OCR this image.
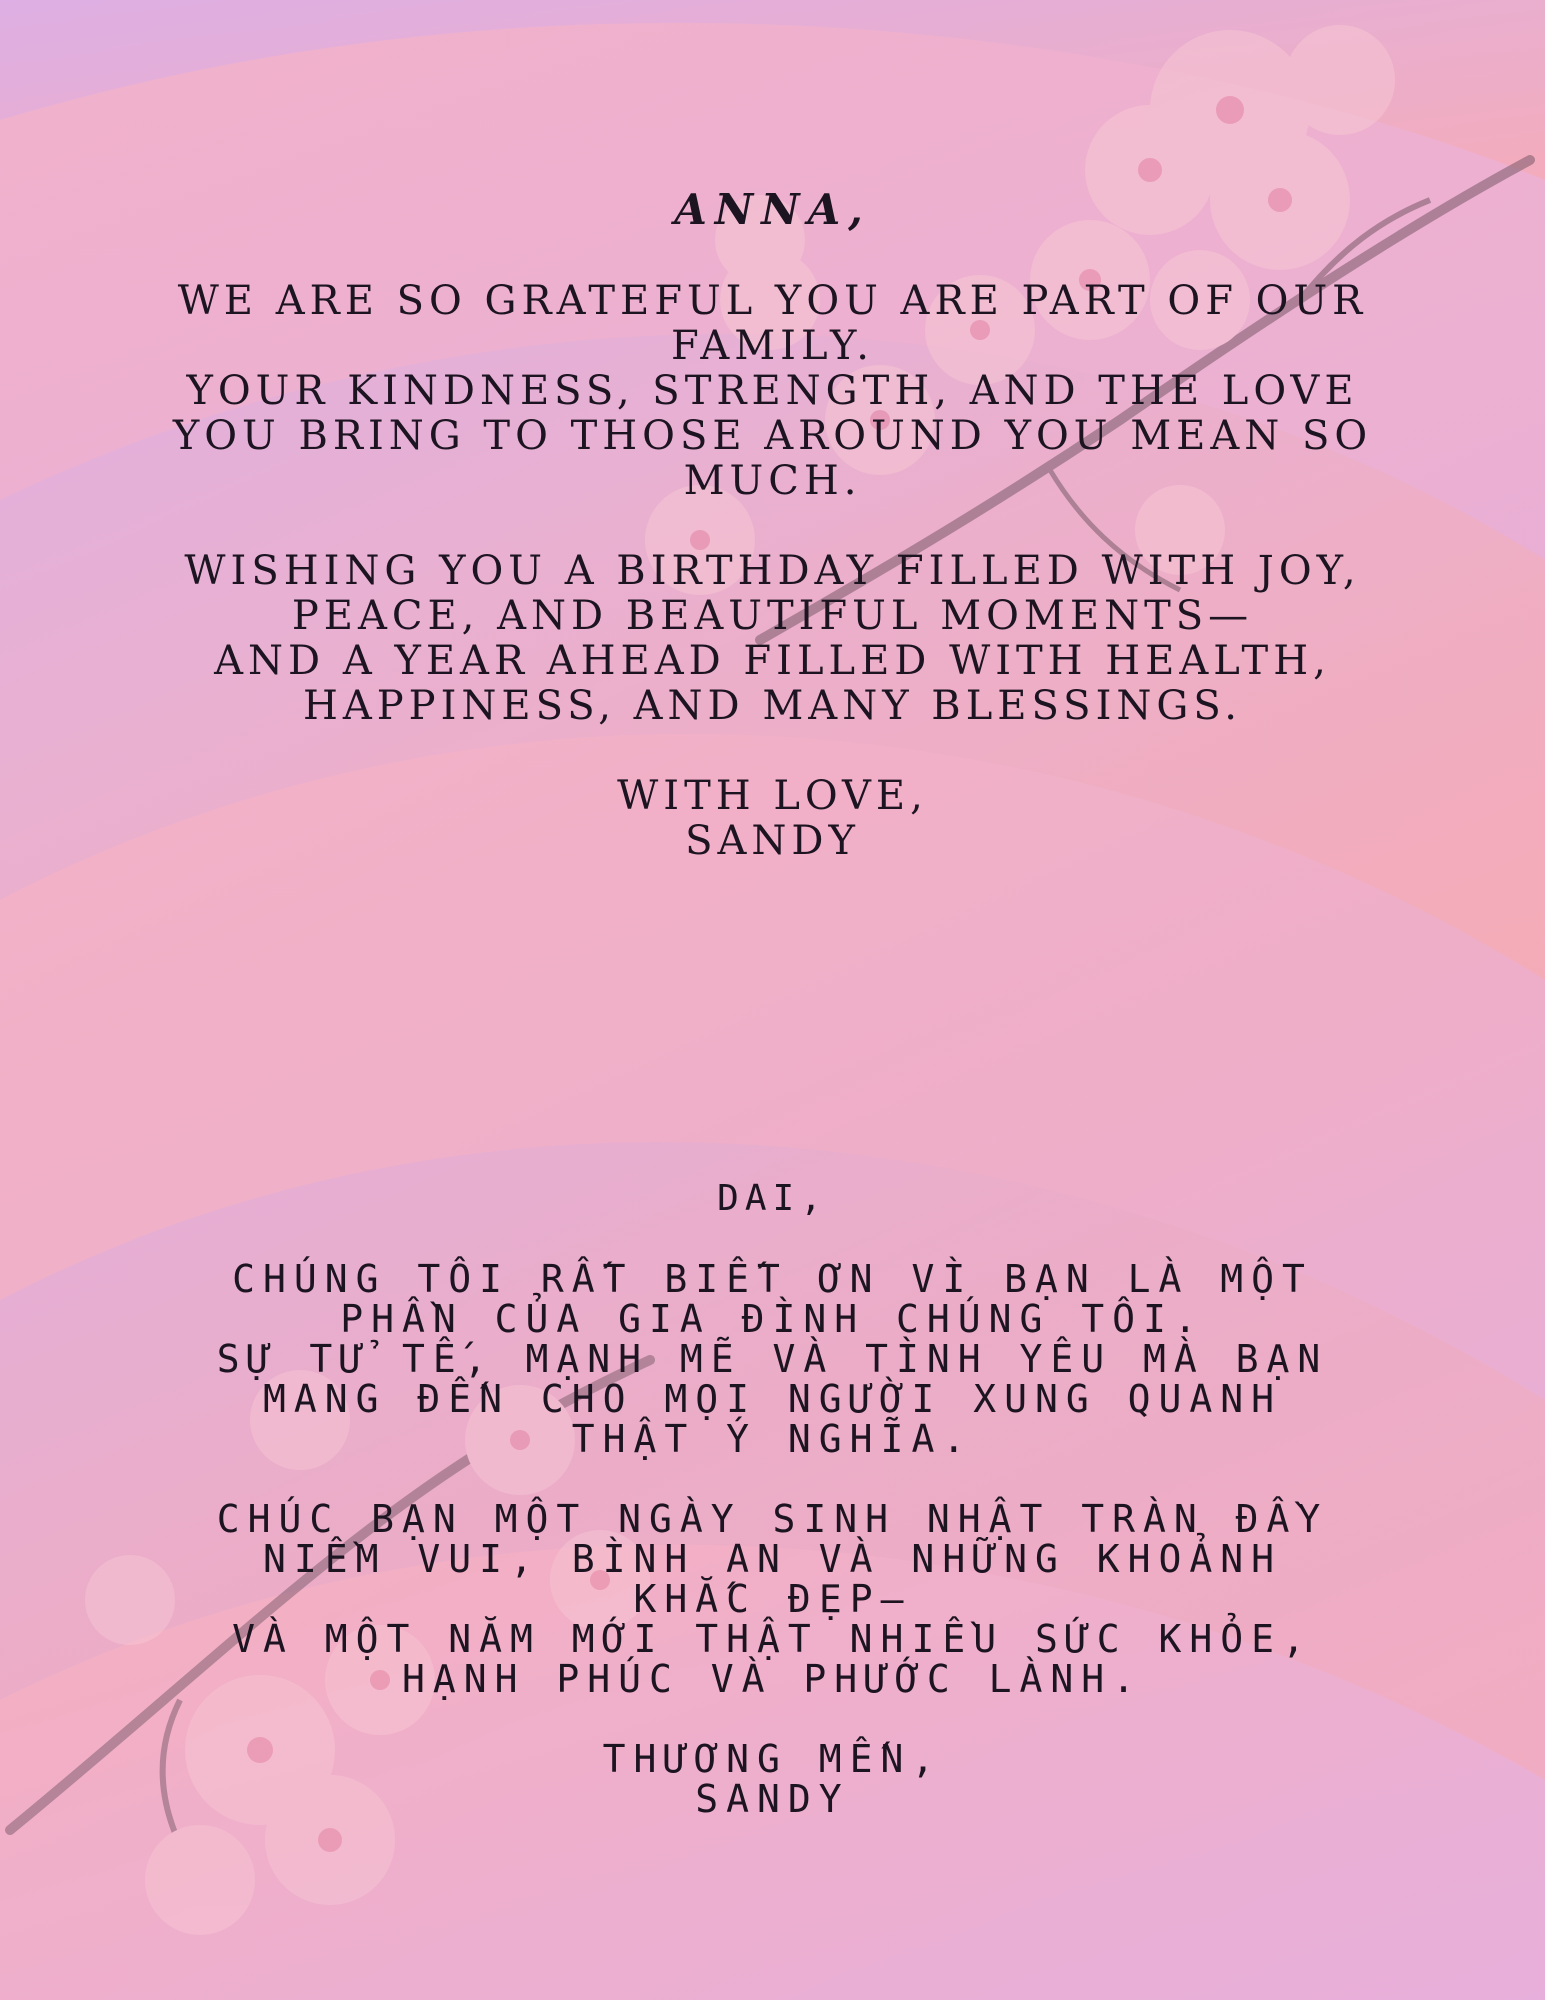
ANNA,
WE ARE SO GRATEFUL YOU ARE PART OF OUR
FAMILY.
YOUR KINDNESS, STRENGTH, AND THE LOVE
YOU BRING TO THOSE AROUND YOU MEAN SO
MUCH.
WISHING YOU A BIRTHDAY FILLED WITH JOY,
PEACE, AND BEAUTIFUL MOMENTS—
AND A YEAR AHEAD FILLED WITH HEALTH,
HAPPINESS, AND MANY BLESSINGS.
WITH LOVE,
SANDY
DAI,
CHÚNG TÔI RẤT BIẾT ƠN VÌ BẠN LÀ MỘT
PHẦN CỦA GIA ĐÌNH CHÚNG TÔI.
SỰ TỬ TẾ, MẠNH MẼ VÀ TÌNH YÊU MÀ BẠN
MANG ĐẾN CHO MỌI NGƯỜI XUNG QUANH
THẬT Ý NGHĨA.
CHÚC BẠN MỘT NGÀY SINH NHẬT TRÀN ĐẦY
NIỀM VUI, BÌNH AN VÀ NHỮNG KHOẢNH
KHẮC ĐẸP—
VÀ MỘT NĂM MỚI THẬT NHIỀU SỨC KHỎE,
HẠNH PHÚC VÀ PHƯỚC LÀNH.
THƯƠNG MẾN,
SANDY
